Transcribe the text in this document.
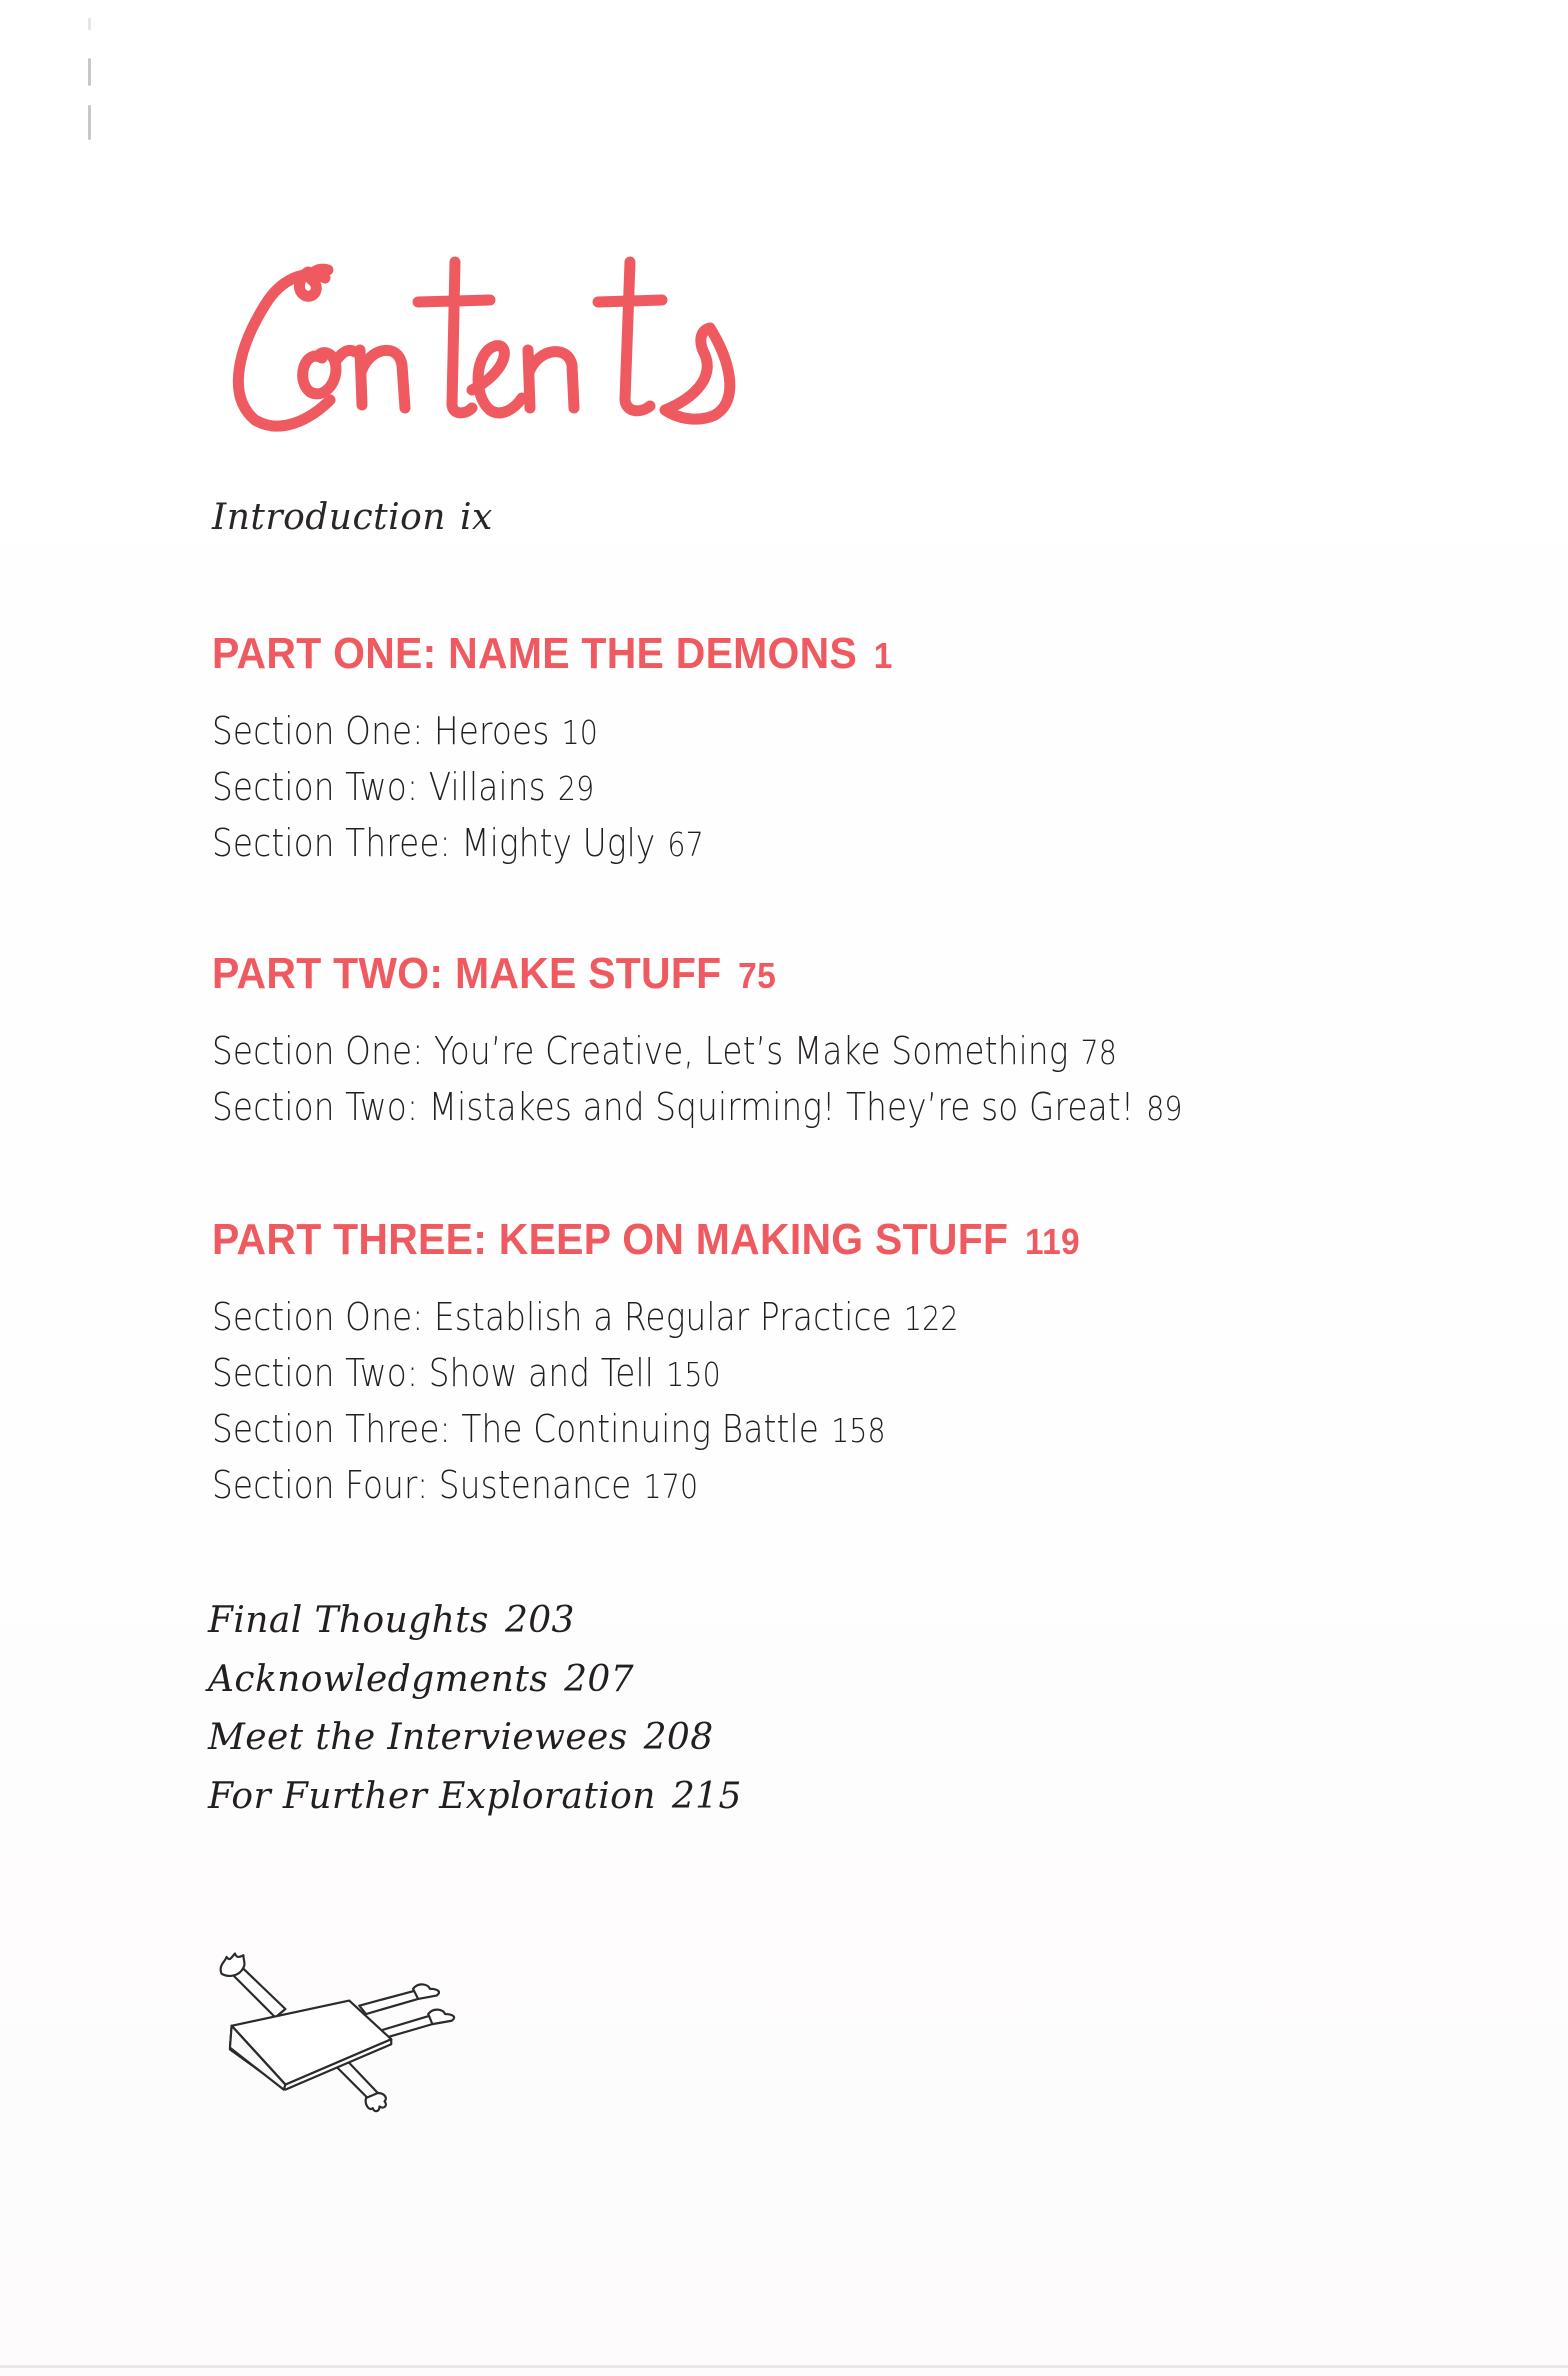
Introduction ix
PART ONE: NAME THE DEMONS 1
Section One: Heroes 10
Section Two: Villains 29
Section Three: Mighty Ugly 67
PART TWO: MAKE STUFF 75
Section One: You’re Creative, Let’s Make Something 78
Section Two: Mistakes and Squirming! They’re so Great! 89
PART THREE: KEEP ON MAKING STUFF 119
Section One: Establish a Regular Practice 122
Section Two: Show and Tell 150
Section Three: The Continuing Battle 158
Section Four: Sustenance 170
Final Thoughts 203
Acknowledgments 207
Meet the Interviewees 208
For Further Exploration 215
